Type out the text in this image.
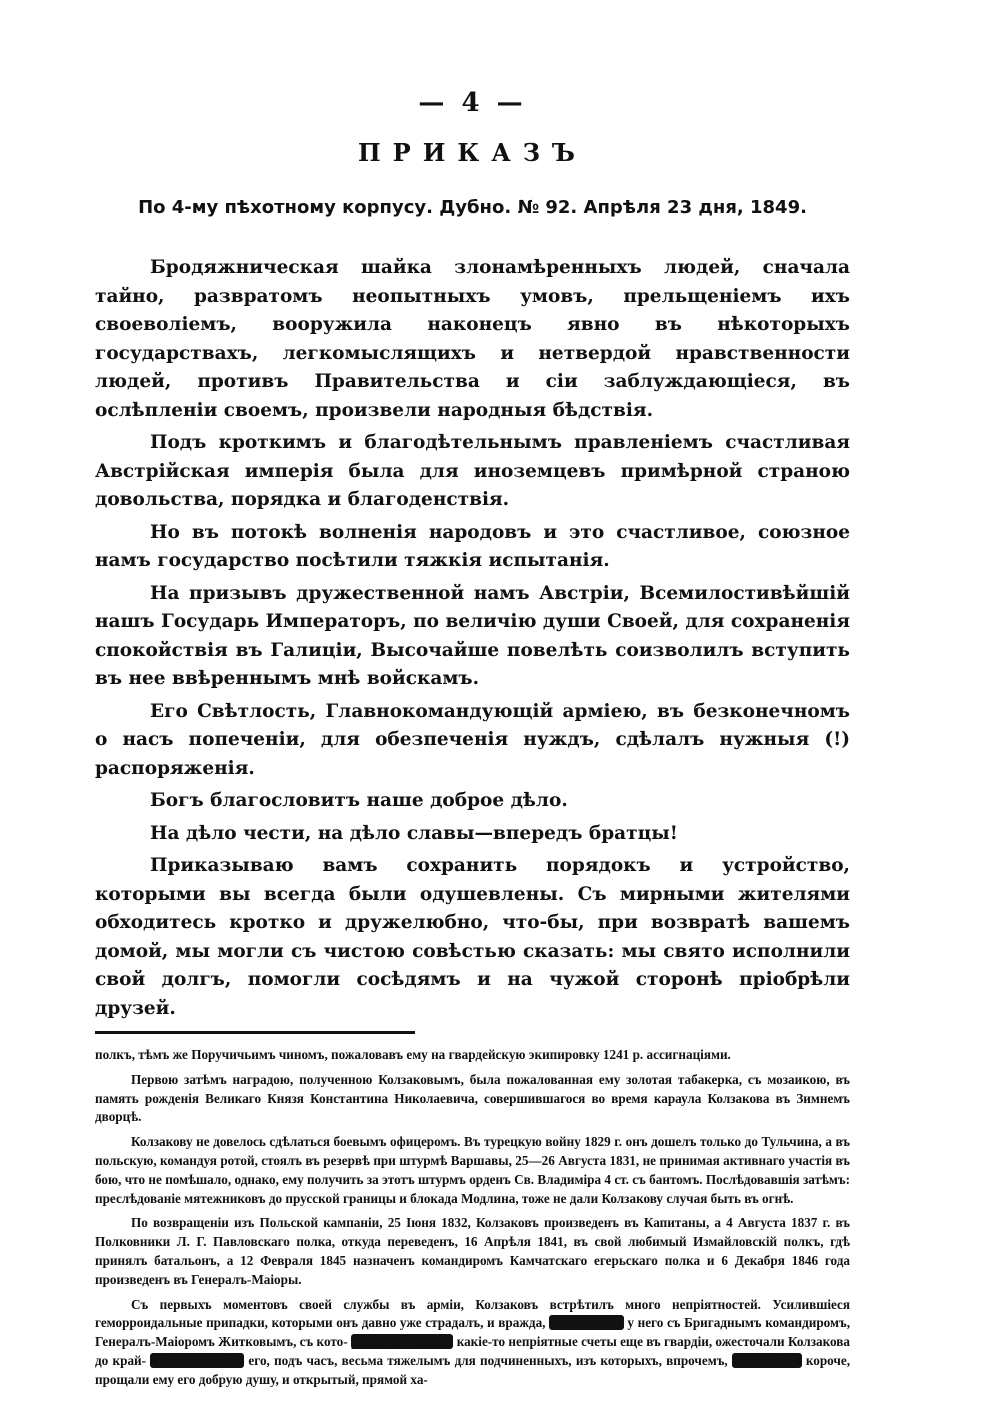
— 4 —
ПРИКАЗЪ
По 4-му пѣхотному корпусу. Дубно. № 92. Апрѣля 23 дня, 1849.

Бродяжническая шайка злонамѣренныхъ людей, сначала тайно, развратомъ неопытныхъ умовъ, прельщеніемъ ихъ своеволіемъ, вооружила наконецъ явно въ нѣкоторыхъ государствахъ, легкомыслящихъ и нетвердой нравственности людей, противъ Правительства и сіи заблуждающіеся, въ ослѣпленіи своемъ, произвели народныя бѣдствія.

Подъ кроткимъ и благодѣтельнымъ правленіемъ счастливая Австрійская имперія была для иноземцевъ примѣрной страною довольства, порядка и благоденствія.

Но въ потокѣ волненія народовъ и это счастливое, союзное намъ государство посѣтили тяжкія испытанія.

На призывъ дружественной намъ Австріи, Всемилостивѣйшій нашъ Государь Императоръ, по величію души Своей, для сохраненія спокойствія въ Галиціи, Высочайше повелѣть соизволилъ вступить въ нее ввѣреннымъ мнѣ войскамъ.

Его Свѣтлость, Главнокомандующій арміею, въ безконечномъ о насъ попеченіи, для обезпеченія нуждъ, сдѣлалъ нужныя (!) распоряженія.

Богъ благословитъ наше доброе дѣло.

На дѣло чести, на дѣло славы—впередъ братцы!

Приказываю вамъ сохранить порядокъ и устройство, которыми вы всегда были одушевлены. Съ мирными жителями обходитесь кротко и дружелюбно, что-бы, при возвратѣ вашемъ домой, мы могли съ чистою совѣстью сказать: мы свято исполнили свой долгъ, помогли сосѣдямъ и на чужой сторонѣ пріобрѣли друзей.

полкъ, тѣмъ же Поручичьимъ чиномъ, пожаловавъ ему на гвардейскую экипировку 1241 р. ассигнаціями.

Первою затѣмъ наградою, полученною Колзаковымъ, была пожалованная ему золотая табакерка, съ мозаикою, въ память рожденія Великаго Князя Константина Николаевича, совершившагося во время караула Колзакова въ Зимнемъ дворцѣ.

Колзакову не довелось сдѣлаться боевымъ офицеромъ. Въ турецкую войну 1829 г. онъ дошелъ только до Тульчина, а въ польскую, командуя ротой, стоялъ въ резервѣ при штурмѣ Варшавы, 25—26 Августа 1831, не принимая активнаго участія въ бою, что не помѣшало, однако, ему получить за этотъ штурмъ орденъ Св. Владиміра 4 ст. съ бантомъ. Послѣдовавшія затѣмъ: преслѣдованіе мятежниковъ до прусской границы и блокада Модлина, тоже не дали Колзакову случая быть въ огнѣ.

По возвращеніи изъ Польской кампаніи, 25 Іюня 1832, Колзаковъ произведенъ въ Капитаны, а 4 Августа 1837 г. въ Полковники Л. Г. Павловскаго полка, откуда переведенъ, 16 Апрѣля 1841, въ свой любимый Измайловскій полкъ, гдѣ принялъ батальонъ, а 12 Февраля 1845 назначенъ командиромъ Камчатскаго егерьскаго полка и 6 Декабря 1846 года произведенъ въ Генералъ-Маіоры.

Съ первыхъ моментовъ своей службы въ арміи, Колзаковъ встрѣтилъ много непріятностей. Усилившіеся геморроидальные припадки, которыми онъ давно уже страдалъ, и вражда, закипѣвшая у него съ Бригаднымъ командиромъ, Генералъ-Маіоромъ Житковымъ, съ кото- рымъ онъ имѣлъ какіе-то непріятные счеты еще въ гвардіи, ожесточали Колзакова до край- ности и дѣлали его, подъ часъ, весьма тяжелымъ для подчиненныхъ, изъ которыхъ, впрочемъ, знавшіе его короче, прощали ему его добрую душу, и открытый, прямой ха-
